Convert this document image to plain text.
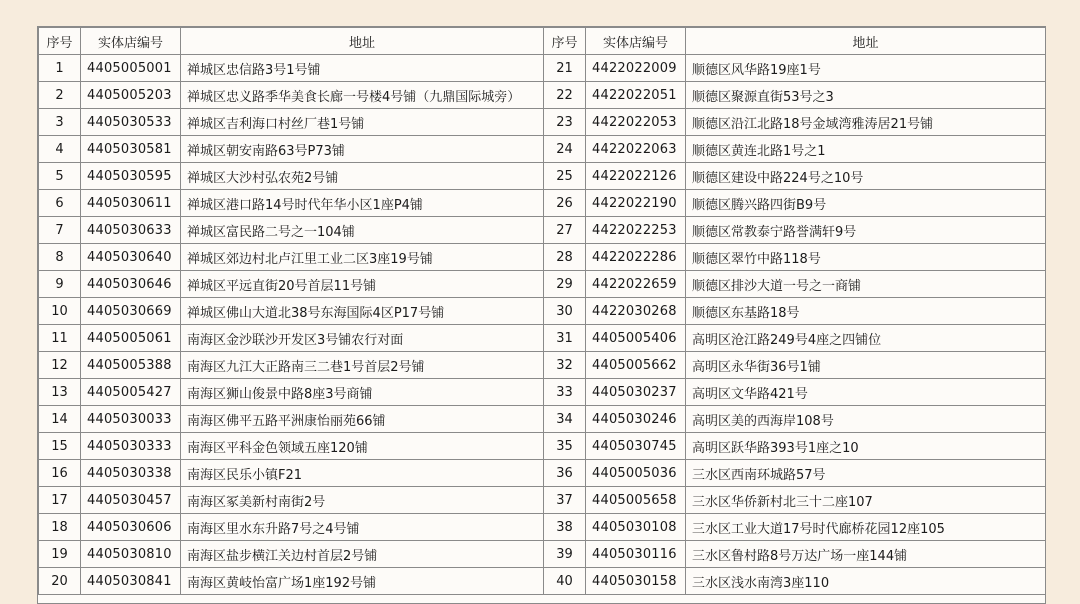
序号	实体店编号	地址	序号	实体店编号	地址
1	4405005001	禅城区忠信路3号1号铺	21	4422022009	顺德区风华路19座1号
2	4405005203	禅城区忠义路季华美食长廊一号楼4号铺（九鼎国际城旁）	22	4422022051	顺德区聚源直街53号之3
3	4405030533	禅城区吉利海口村丝厂巷1号铺	23	4422022053	顺德区沿江北路18号金域湾雅涛居21号铺
4	4405030581	禅城区朝安南路63号P73铺	24	4422022063	顺德区黄连北路1号之1
5	4405030595	禅城区大沙村弘农苑2号铺	25	4422022126	顺德区建设中路224号之10号
6	4405030611	禅城区港口路14号时代年华小区1座P4铺	26	4422022190	顺德区腾兴路四街B9号
7	4405030633	禅城区富民路二号之一104铺	27	4422022253	顺德区常教泰宁路誉满轩9号
8	4405030640	禅城区郊边村北卢江里工业二区3座19号铺	28	4422022286	顺德区翠竹中路118号
9	4405030646	禅城区平远直街20号首层11号铺	29	4422022659	顺德区排沙大道一号之一商铺
10	4405030669	禅城区佛山大道北38号东海国际4区P17号铺	30	4422030268	顺德区东基路18号
11	4405005061	南海区金沙联沙开发区3号铺农行对面	31	4405005406	高明区沧江路249号4座之四铺位
12	4405005388	南海区九江大正路南三二巷1号首层2号铺	32	4405005662	高明区永华街36号1铺
13	4405005427	南海区狮山俊景中路8座3号商铺	33	4405030237	高明区文华路421号
14	4405030033	南海区佛平五路平洲康怡丽苑66铺	34	4405030246	高明区美的西海岸108号
15	4405030333	南海区平科金色领域五座120铺	35	4405030745	高明区跃华路393号1座之10
16	4405030338	南海区民乐小镇F21	36	4405005036	三水区西南环城路57号
17	4405030457	南海区冢美新村南街2号	37	4405005658	三水区华侨新村北三十二座107
18	4405030606	南海区里水东升路7号之4号铺	38	4405030108	三水区工业大道17号时代廊桥花园12座105
19	4405030810	南海区盐步横江关边村首层2号铺	39	4405030116	三水区鲁村路8号万达广场一座144铺
20	4405030841	南海区黄岐怡富广场1座192号铺	40	4405030158	三水区浅水南湾3座110
